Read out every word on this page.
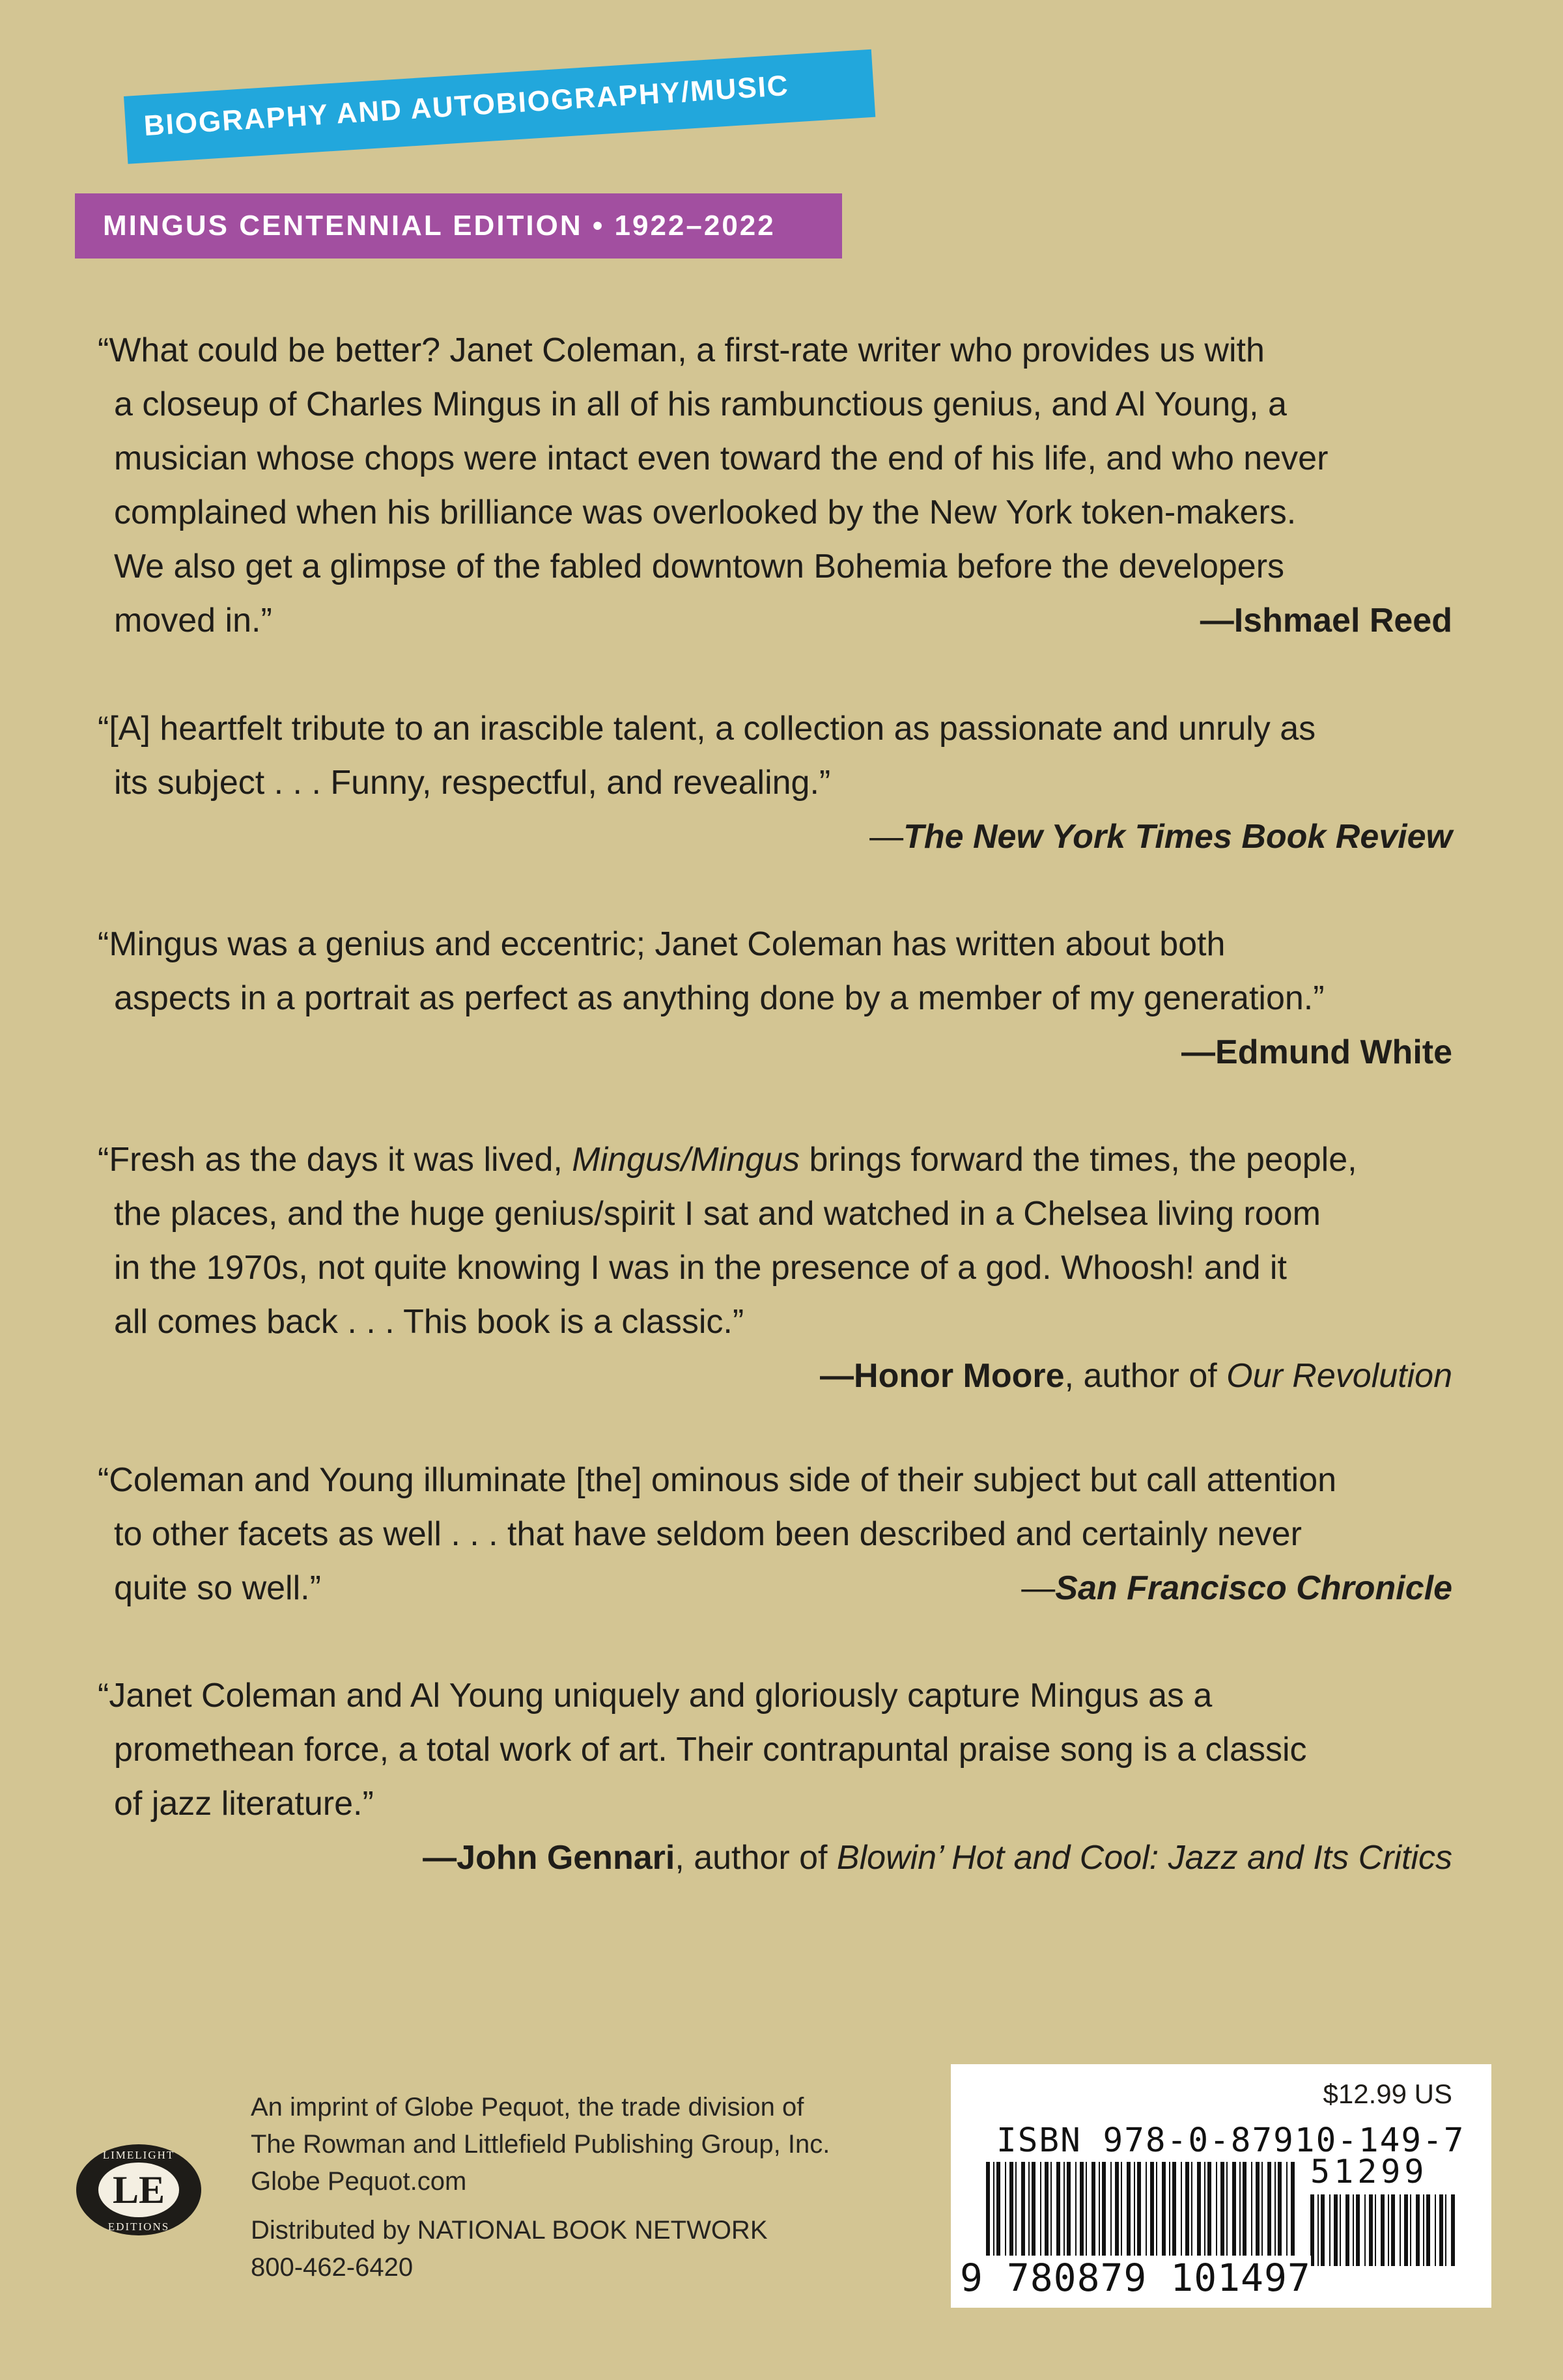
BIOGRAPHY AND AUTOBIOGRAPHY/MUSIC
MINGUS CENTENNIAL EDITION • 1922–2022
“What could be better? Janet Coleman, a first-rate writer who provides us with
a closeup of Charles Mingus in all of his rambunctious genius, and Al Young, a
musician whose chops were intact even toward the end of his life, and who never
complained when his brilliance was overlooked by the New York token-makers.
We also get a glimpse of the fabled downtown Bohemia before the developers
moved in.”	—Ishmael Reed
“[A] heartfelt tribute to an irascible talent, a collection as passionate and unruly as
its subject . . . Funny, respectful, and revealing.”
—The New York Times Book Review
“Mingus was a genius and eccentric; Janet Coleman has written about both
aspects in a portrait as perfect as anything done by a member of my generation.”
—Edmund White
“Fresh as the days it was lived, Mingus/Mingus brings forward the times, the people,
the places, and the huge genius/spirit I sat and watched in a Chelsea living room
in the 1970s, not quite knowing I was in the presence of a god. Whoosh! and it
all comes back . . . This book is a classic.”
—Honor Moore, author of Our Revolution
“Coleman and Young illuminate [the] ominous side of their subject but call attention
to other facets as well . . . that have seldom been described and certainly never
quite so well.”	—San Francisco Chronicle
“Janet Coleman and Al Young uniquely and gloriously capture Mingus as a
promethean force, a total work of art. Their contrapuntal praise song is a classic
of jazz literature.”
—John Gennari, author of Blowin’ Hot and Cool: Jazz and Its Critics
LE
LIMELIGHT
EDITIONS
An imprint of Globe Pequot, the trade division of
The Rowman and Littlefield Publishing Group, Inc.
Globe Pequot.com
Distributed by NATIONAL BOOK NETWORK
800-462-6420
$12.99 US
ISBN 978-0-87910-149-7
51299
9 780879 101497
